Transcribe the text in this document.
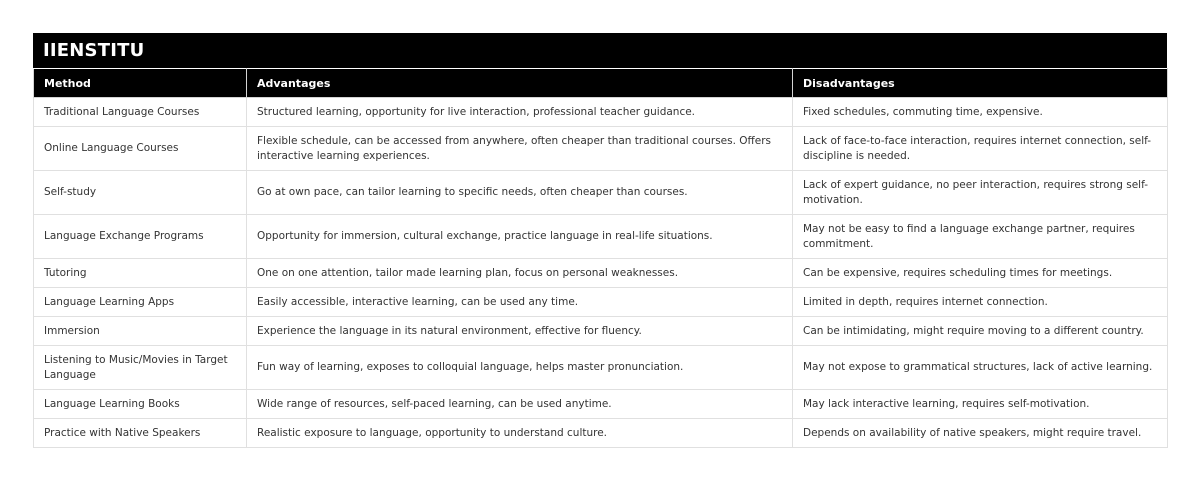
IIENSTITU
Method	Advantages	Disadvantages
Traditional Language Courses	Structured learning, opportunity for live interaction, professional teacher guidance.	Fixed schedules, commuting time, expensive.
Online Language Courses	Flexible schedule, can be accessed from anywhere, often cheaper than traditional courses. Offers interactive learning experiences.	Lack of face-to-face interaction, requires internet connection, self-discipline is needed.
Self-study	Go at own pace, can tailor learning to specific needs, often cheaper than courses.	Lack of expert guidance, no peer interaction, requires strong self-motivation.
Language Exchange Programs	Opportunity for immersion, cultural exchange, practice language in real-life situations.	May not be easy to find a language exchange partner, requires commitment.
Tutoring	One on one attention, tailor made learning plan, focus on personal weaknesses.	Can be expensive, requires scheduling times for meetings.
Language Learning Apps	Easily accessible, interactive learning, can be used any time.	Limited in depth, requires internet connection.
Immersion	Experience the language in its natural environment, effective for fluency.	Can be intimidating, might require moving to a different country.
Listening to Music/Movies in Target Language	Fun way of learning, exposes to colloquial language, helps master pronunciation.	May not expose to grammatical structures, lack of active learning.
Language Learning Books	Wide range of resources, self-paced learning, can be used anytime.	May lack interactive learning, requires self-motivation.
Practice with Native Speakers	Realistic exposure to language, opportunity to understand culture.	Depends on availability of native speakers, might require travel.
